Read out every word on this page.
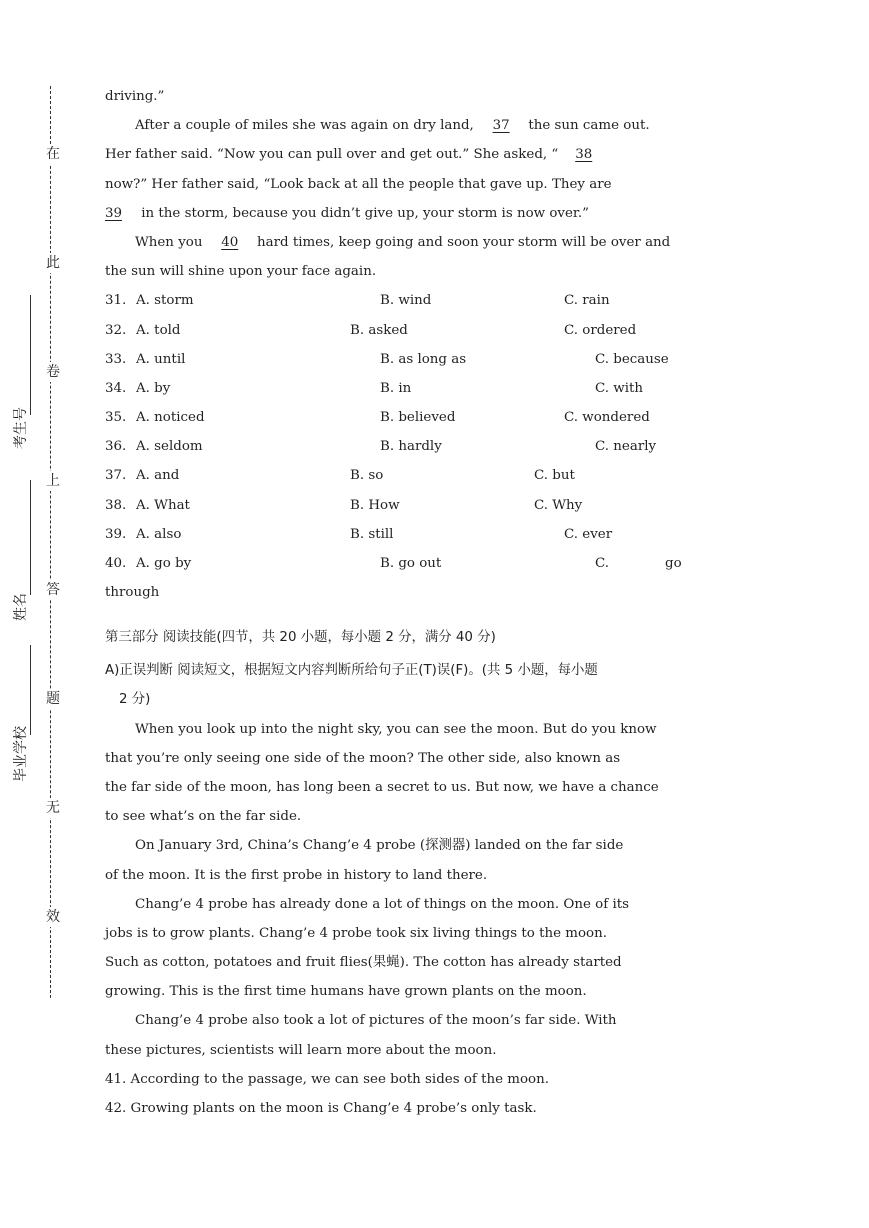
在
此
卷
上
答
题
无
效
考生号
姓名
毕业学校
driving.”
After a couple of miles she was again on dry land, 37 the sun came out.
Her father said. “Now you can pull over and get out.” She asked, “ 38
now?” Her father said, “Look back at all the people that gave up. They are
39 in the storm, because you didn’t give up, your storm is now over.”
When you 40 hard times, keep going and soon your storm will be over and
the sun will shine upon your face again.
31. A. storm	B. wind	C. rain
32. A. told	B. asked	C. ordered
33. A. until	B. as long as	C. because
34. A. by	B. in	C. with
35. A. noticed	B. believed	C. wondered
36. A. seldom	B. hardly	C. nearly
37. A. and	B. so	C. but
38. A. What	B. How	C. Why
39. A. also	B. still	C. ever
40. A. go by	B. go out	C.	go
through
第三部分 阅读技能(四节，共 20 小题，每小题 2 分，满分 40 分)
A)正误判断 阅读短文，根据短文内容判断所给句子正(T)误(F)。(共 5 小题，每小题
2 分)
When you look up into the night sky, you can see the moon. But do you know
that you’re only seeing one side of the moon? The other side, also known as
the far side of the moon, has long been a secret to us. But now, we have a chance
to see what’s on the far side.
On January 3rd, China’s Chang’e 4 probe (探测器) landed on the far side
of the moon. It is the first probe in history to land there.
Chang’e 4 probe has already done a lot of things on the moon. One of its
jobs is to grow plants. Chang’e 4 probe took six living things to the moon.
Such as cotton, potatoes and fruit flies(果蝇). The cotton has already started
growing. This is the first time humans have grown plants on the moon.
Chang’e 4 probe also took a lot of pictures of the moon’s far side. With
these pictures, scientists will learn more about the moon.
41. According to the passage, we can see both sides of the moon.
42. Growing plants on the moon is Chang’e 4 probe’s only task.
